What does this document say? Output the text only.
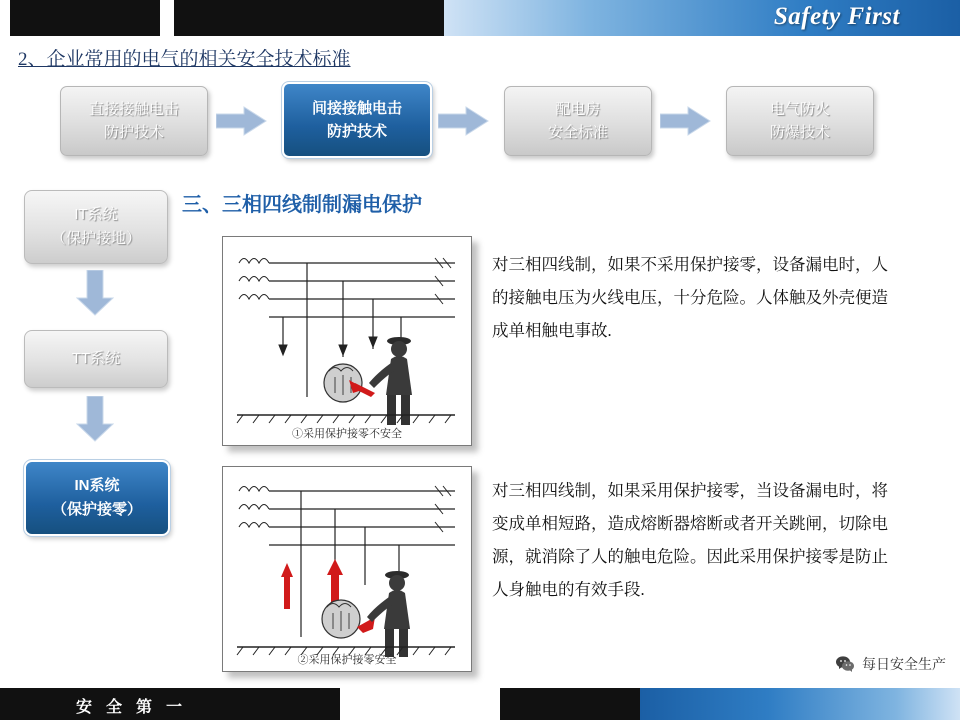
Safety First
2、企业常用的电气的相关安全技术标准
直接接触电击
防护技术
间接接触电击
防护技术
配电房
安全标准
电气防火
防爆技术
三、三相四线制制漏电保护
IT系统
（保护接地）
TT系统
IN系统
（保护接零）
①采用保护接零不安全
②采用保护接零安全
对三相四线制，如果不采用保护接零，设备漏电时，人的接触电压为火线电压，十分危险。人体触及外壳便造成单相触电事故.
对三相四线制，如果采用保护接零，当设备漏电时，将变成单相短路，造成熔断器熔断或者开关跳闸，切除电源，就消除了人的触电危险。因此采用保护接零是防止人身触电的有效手段.
安 全 第 一
每日安全生产
